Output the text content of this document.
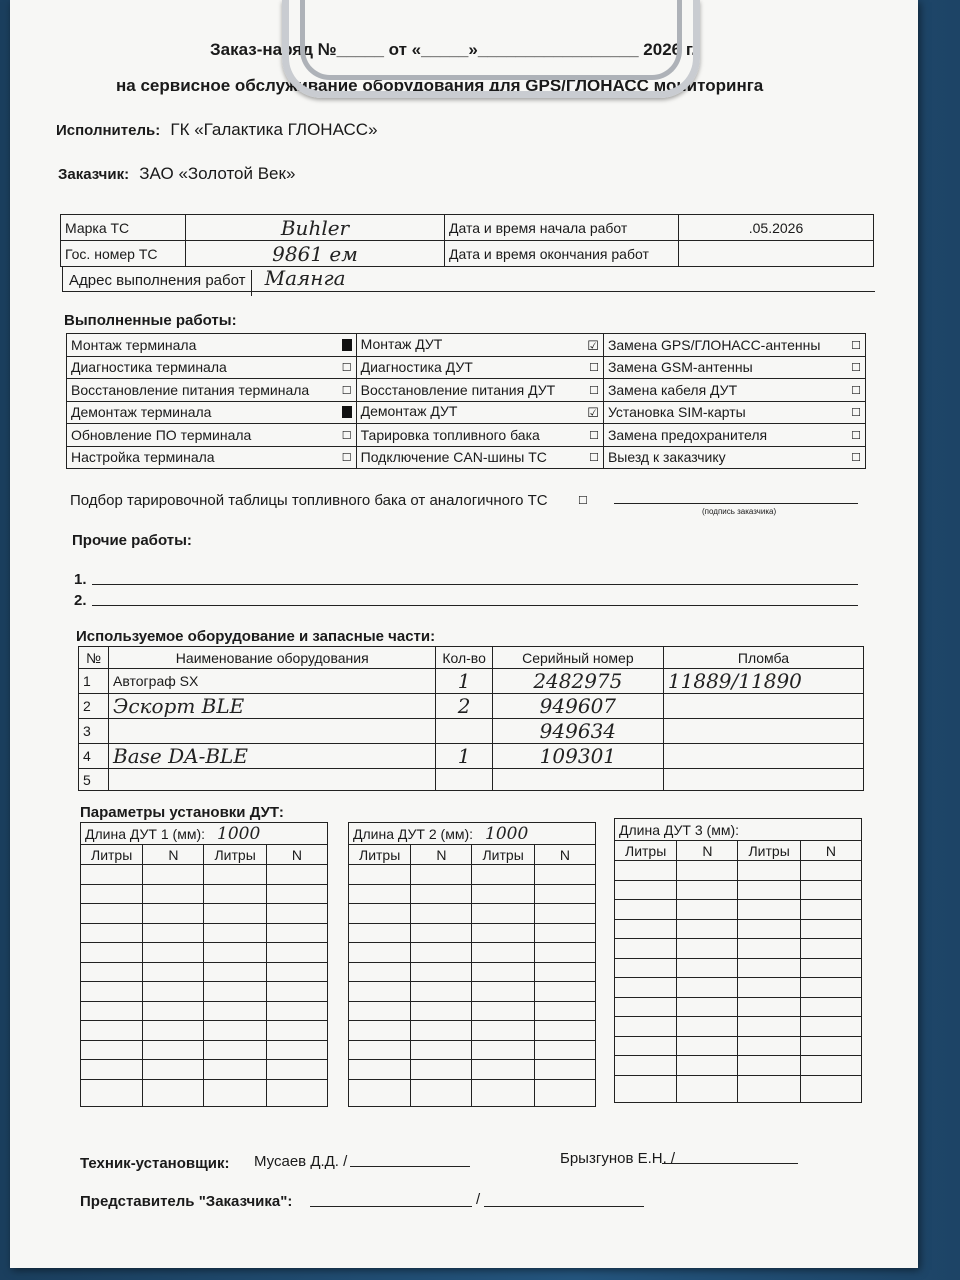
Заказ-наряд №_____ от «_____»_________________ 2026 г.
на сервисное обслуживание оборудования для GPS/ГЛОНАСС мониторинга
Исполнитель: ГК «Галактика ГЛОНАСС»
Заказчик: ЗАО «Золотой Век»
Марка ТС	Buhler	Дата и время начала работ	.05.2026
Гос. номер ТС	9861 ем	Дата и время окончания работ	
Адрес выполнения работ Маянга
Выполненные работы:
Монтаж терминала	Монтаж ДУТ ☑	Замена GPS/ГЛОНАСС-антенны ☐

Диагностика терминала ☐	Диагностика ДУТ ☐	Замена GSM-антенны ☐

Восстановление питания терминала ☐	Восстановление питания ДУТ ☐	Замена кабеля ДУТ ☐

Демонтаж терминала	Демонтаж ДУТ ☑	Установка SIM-карты ☐

Обновление ПО терминала ☐	Тарировка топливного бака ☐	Замена предохранителя ☐

Настройка терминала ☐	Подключение CAN-шины ТС ☐	Выезд к заказчику ☐
Подбор тарировочной таблицы топливного бака от аналогичного ТС	☐
(подпись заказчика)
Прочие работы:
1.
2.
Используемое оборудование и запасные части:
№	Наименование оборудования	Кол-во	Серийный номер	Пломба
1	Автограф SX	1	2482975	11889/11890
2	Эскорт BLE	2	949607	
3			949634	
4	Base DA-BLE	1	109301	
5				
Параметры установки ДУТ:
Длина ДУТ 1 (мм): 1000			
Литры	N	Литры	N

Длина ДУТ 2 (мм): 1000			
Литры	N	Литры	N

Длина ДУТ 3 (мм):			
Литры	N	Литры	N

Техник-установщик: Мусаев Д.Д. /	Брызгунов Е.Н. /
Представитель "Заказчика":	/
